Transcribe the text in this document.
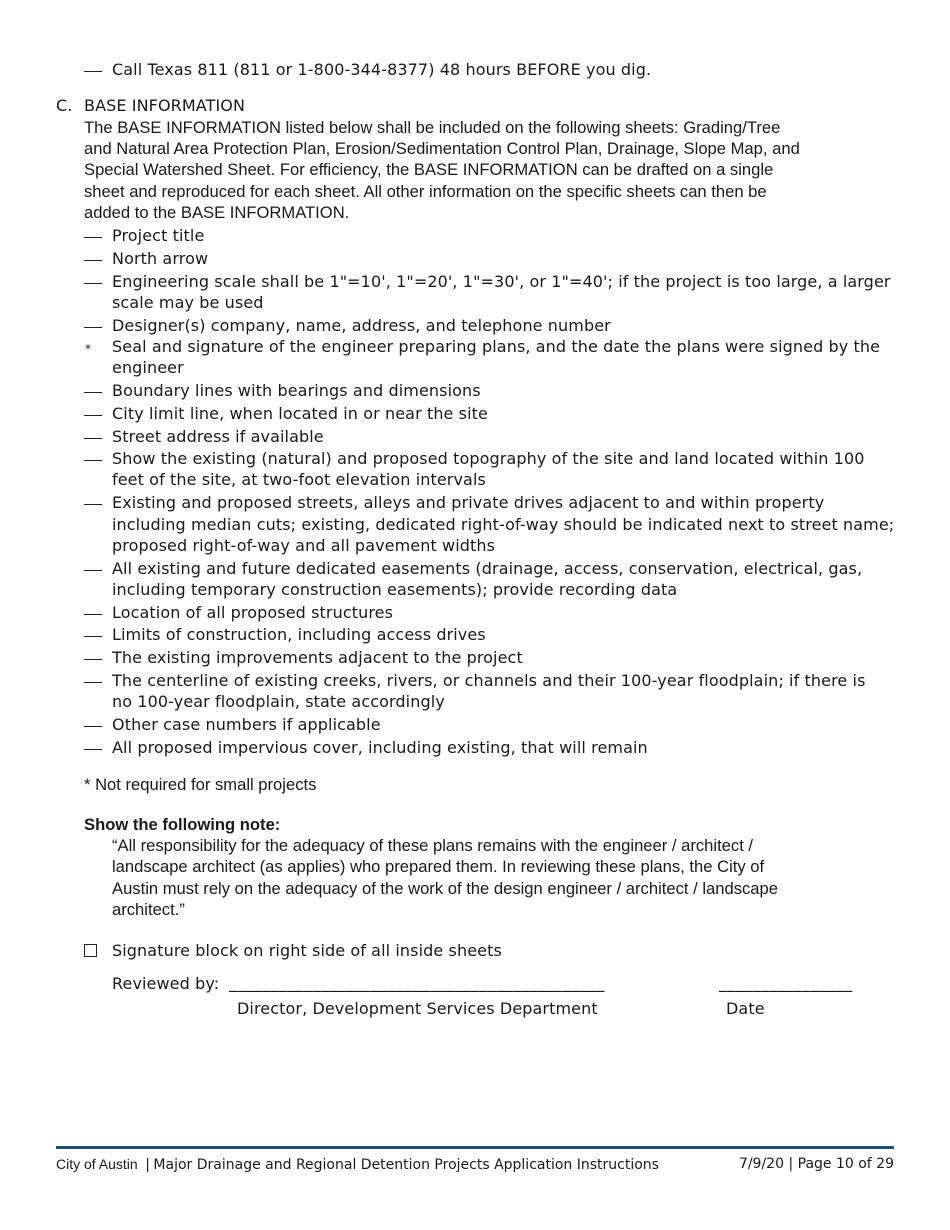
Call Texas 811 (811 or 1-800-344-8377) 48 hours BEFORE you dig.
C. BASE INFORMATION
The BASE INFORMATION listed below shall be included on the following sheets: Grading/Tree
and Natural Area Protection Plan, Erosion/Sedimentation Control Plan, Drainage, Slope Map, and
Special Watershed Sheet. For efficiency, the BASE INFORMATION can be drafted on a single
sheet and reproduced for each sheet. All other information on the specific sheets can then be
added to the BASE INFORMATION.
Project title
North arrow
Engineering scale shall be 1"=10', 1"=20', 1"=30', or 1"=40'; if the project is too large, a larger
scale may be used
Designer(s) company, name, address, and telephone number
* Seal and signature of the engineer preparing plans, and the date the plans were signed by the
engineer
Boundary lines with bearings and dimensions
City limit line, when located in or near the site
Street address if available
Show the existing (natural) and proposed topography of the site and land located within 100
feet of the site, at two-foot elevation intervals
Existing and proposed streets, alleys and private drives adjacent to and within property
including median cuts; existing, dedicated right-of-way should be indicated next to street name;
proposed right-of-way and all pavement widths
All existing and future dedicated easements (drainage, access, conservation, electrical, gas,
including temporary construction easements); provide recording data
Location of all proposed structures
Limits of construction, including access drives
The existing improvements adjacent to the project
The centerline of existing creeks, rivers, or channels and their 100-year floodplain; if there is
no 100-year floodplain, state accordingly
Other case numbers if applicable
All proposed impervious cover, including existing, that will remain
* Not required for small projects
Show the following note:
“All responsibility for the adequacy of these plans remains with the engineer / architect /
landscape architect (as applies) who prepared them. In reviewing these plans, the City of
Austin must rely on the adequacy of the work of the design engineer / architect / landscape
architect.”
Signature block on right side of all inside sheets
Reviewed by: _____________________________________________	________________
Director, Development Services Department	Date
City of Austin | Major Drainage and Regional Detention Projects Application Instructions	7/9/20 | Page 10 of 29
